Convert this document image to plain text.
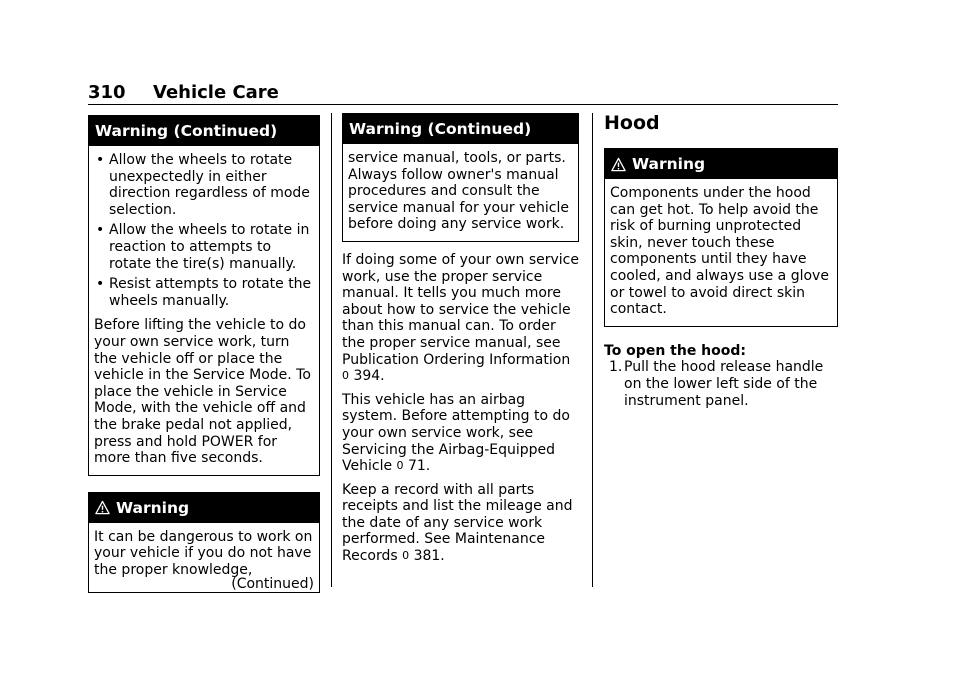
310 Vehicle Care
Warning (Continued)
• Allow the wheels to rotate unexpectedly in either direction regardless of mode selection.
• Allow the wheels to rotate in reaction to attempts to rotate the tire(s) manually.
• Resist attempts to rotate the wheels manually.

Before lifting the vehicle to do your own service work, turn the vehicle off or place the vehicle in the Service Mode. To place the vehicle in Service Mode, with the vehicle off and the brake pedal not applied, press and hold POWER for more than five seconds.

Warning

It can be dangerous to work on your vehicle if you do not have the proper knowledge,

(Continued)
Warning (Continued)

service manual, tools, or parts. Always follow owner's manual procedures and consult the service manual for your vehicle before doing any service work.

If doing some of your own service work, use the proper service manual. It tells you much more about how to service the vehicle than this manual can. To order the proper service manual, see Publication Ordering Information 0 394.

This vehicle has an airbag system. Before attempting to do your own service work, see Servicing the Airbag-Equipped Vehicle 0 71.

Keep a record with all parts receipts and list the mileage and the date of any service work performed. See Maintenance Records 0 381.

Hood
Warning

Components under the hood can get hot. To help avoid the risk of burning unprotected skin, never touch these components until they have cooled, and always use a glove or towel to avoid direct skin contact.

To open the hood:

1. Pull the hood release handle on the lower left side of the instrument panel.
